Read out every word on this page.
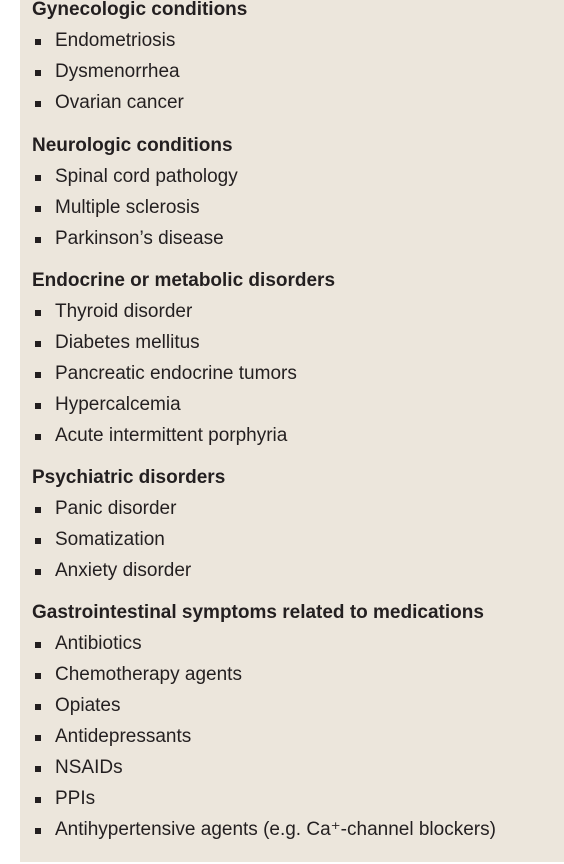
Gynecologic conditions
Endometriosis
Dysmenorrhea
Ovarian cancer
Neurologic conditions
Spinal cord pathology
Multiple sclerosis
Parkinson’s disease
Endocrine or metabolic disorders
Thyroid disorder
Diabetes mellitus
Pancreatic endocrine tumors
Hypercalcemia
Acute intermittent porphyria
Psychiatric disorders
Panic disorder
Somatization
Anxiety disorder
Gastrointestinal symptoms related to medications
Antibiotics
Chemotherapy agents
Opiates
Antidepressants
NSAIDs
PPIs
Antihypertensive agents (e.g. Ca⁺-channel blockers)
